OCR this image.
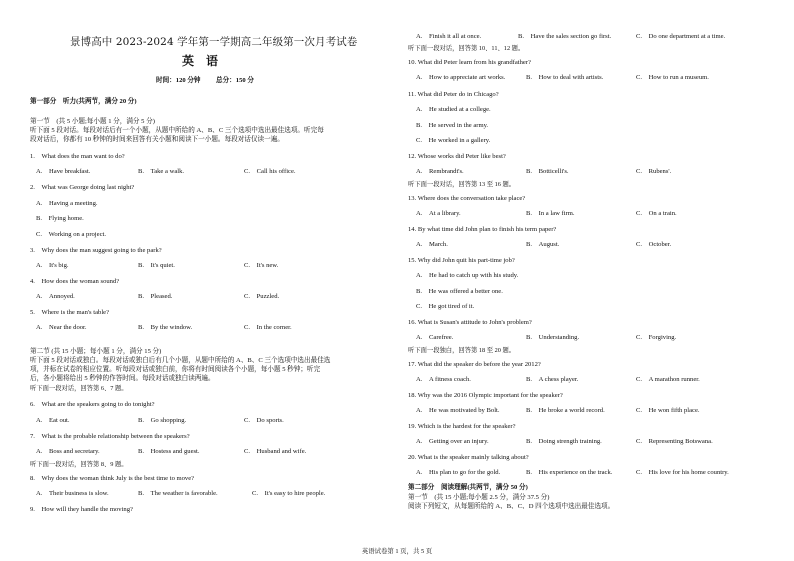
景博高中 2023-2024 学年第一学期高二年级第一次月考试卷
英语
时间：120 分钟 总分：150 分
第一部分　听力(共两节，满分 20 分)
第一节　(共 5 小题;每小题 1 分，满分 5 分)
听下面 5 段对话。每段对话后有一个小题，从题中所给的 A、B、C 三个选项中选出最佳选项。听完每
段对话后，你都有 10 秒钟的时间来回答有关小题和阅读下一小题。每段对话仅读一遍。
1.　What does the man want to do?
A.　Have breakfast.	B.　Take a walk.	C.　Call his office.
2.　What was George doing last night?
A.　Having a meeting.
B.　Flying home.
C.　Working on a project.
3.　Why does the man suggest going to the park?
A.　It's big.	B.　It's quiet.	C.　It's new.
4.　How does the woman sound?
A.　Annoyed.	B.　Pleased.	C.　Puzzled.
5.　Where is the man's table?
A.　Near the door.	B.　By the window.	C.　In the corner.
第二节 (共 15 小题；每小题 1 分，满分 15 分)
听下面 5 段对话或独白。每段对话或独白后有几个小题，从题中所给的 A、B、C 三个选项中选出最佳选
项，并标在试卷的相应位置。听每段对话或独白前，你将有时间阅读各个小题，每小题 5 秒钟；听完
后，各小题将给出 5 秒钟的作答时间。每段对话或独白读两遍。
听下面一段对话，回答第 6、7 题。
6.　What are the speakers going to do tonight?
A.　Eat out.	B.　Go shopping.	C.　Do sports.
7.　What is the probable relationship between the speakers?
A.　Boss and secretary.	B.　Hostess and guest.	C.　Husband and wife.
听下面一段对话，回答第 8、9 题。
8.　Why does the woman think July is the best time to move?
A.　Their business is slow.	B.　The weather is favorable.	C.　It's easy to hire people.
9.　How will they handle the moving?
A.　Finish it all at once.	B.　Have the sales section go first.	C.　Do one department at a time.
听下面一段对话，回答第 10、11、12 题。
10. What did Peter learn from his grandfather?
A.　How to appreciate art works.	B.　How to deal with artists.	C.　How to run a museum.
11. What did Peter do in Chicago?
A.　He studied at a college.
B.　He served in the army.
C.　He worked in a gallery.
12. Whose works did Peter like best?
A.　Rembrandt's.	B.　Botticelli's.	C.　Rubens'.
听下面一段对话，回答第 13 至 16 题。
13. Where does the conversation take place?
A.　At a library.	B.　In a law firm.	C.　On a train.
14. By what time did John plan to finish his term paper?
A.　March.	B.　August.	C.　October.
15. Why did John quit his part-time job?
A.　He had to catch up with his study.
B.　He was offered a better one.
C.　He got tired of it.
16. What is Susan's attitude to John's problem?
A.　Carefree.	B.　Understanding.	C.　Forgiving.
听下面一段独白，回答第 18 至 20 题。
17. What did the speaker do before the year 2012?
A.　A fitness coach.	B.　A chess player.	C.　A marathon runner.
18. Why was the 2016 Olympic important for the speaker?
A.　He was motivated by Bolt.	B.　He broke a world record.	C.　He won fifth place.
19. Which is the hardest for the speaker?
A.　Getting over an injury.	B.　Doing strength training.	C.　Representing Botswana.
20. What is the speaker mainly talking about?
A.　His plan to go for the gold.	B.　His experience on the track.	C.　His love for his home country.
第二部分　阅读理解(共两节，满分 50 分)
第一节　(共 15 小题;每小题 2.5 分，满分 37.5 分)
阅读下列短文，从每题所给的 A、B、C、D 四个选项中选出最佳选项。
英语试卷第 1 页，共 5 页
